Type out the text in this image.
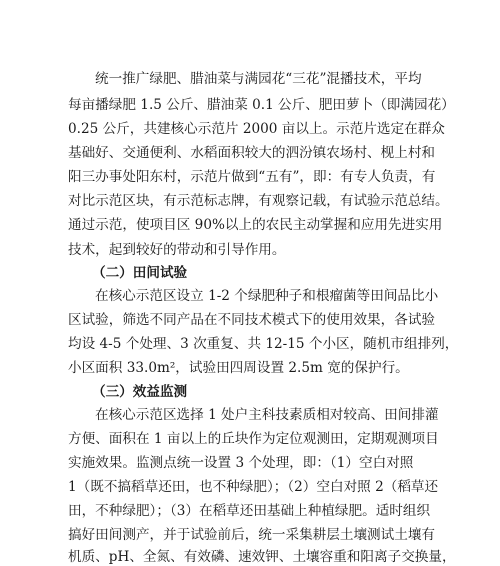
统一推广绿肥、腊油菜与满园花“三花”混播技术，平均
每亩播绿肥 1.5 公斤、腊油菜 0.1 公斤、肥田萝卜（即满园花）
0.25 公斤，共建核心示范片 2000 亩以上。示范片选定在群众
基础好、交通便利、水稻面积较大的泗汾镇农场村、枧上村和
阳三办事处阳东村，示范片做到“五有”，即：有专人负责，有
对比示范区块，有示范标志牌，有观察记载，有试验示范总结。
通过示范，使项目区 90%以上的农民主动掌握和应用先进实用
技术，起到较好的带动和引导作用。
（二）田间试验
在核心示范区设立 1-2 个绿肥种子和根瘤菌等田间品比小
区试验，筛选不同产品在不同技术模式下的使用效果，各试验
均设 4-5 个处理、3 次重复、共 12-15 个小区，随机市组排列，
小区面积 33.0m²，试验田四周设置 2.5m 宽的保护行。
（三）效益监测
在核心示范区选择 1 处户主科技素质相对较高、田间排灌
方便、面积在 1 亩以上的丘块作为定位观测田，定期观测项目
实施效果。监测点统一设置 3 个处理，即：（1）空白对照
1（既不搞稻草还田，也不种绿肥）；（2）空白对照 2（稻草还
田，不种绿肥）；（3）在稻草还田基础上种植绿肥。适时组织
搞好田间测产，并于试验前后，统一采集耕层土壤测试土壤有
机质、pH、全氮、有效磷、速效钾、土壤容重和阳离子交换量，
